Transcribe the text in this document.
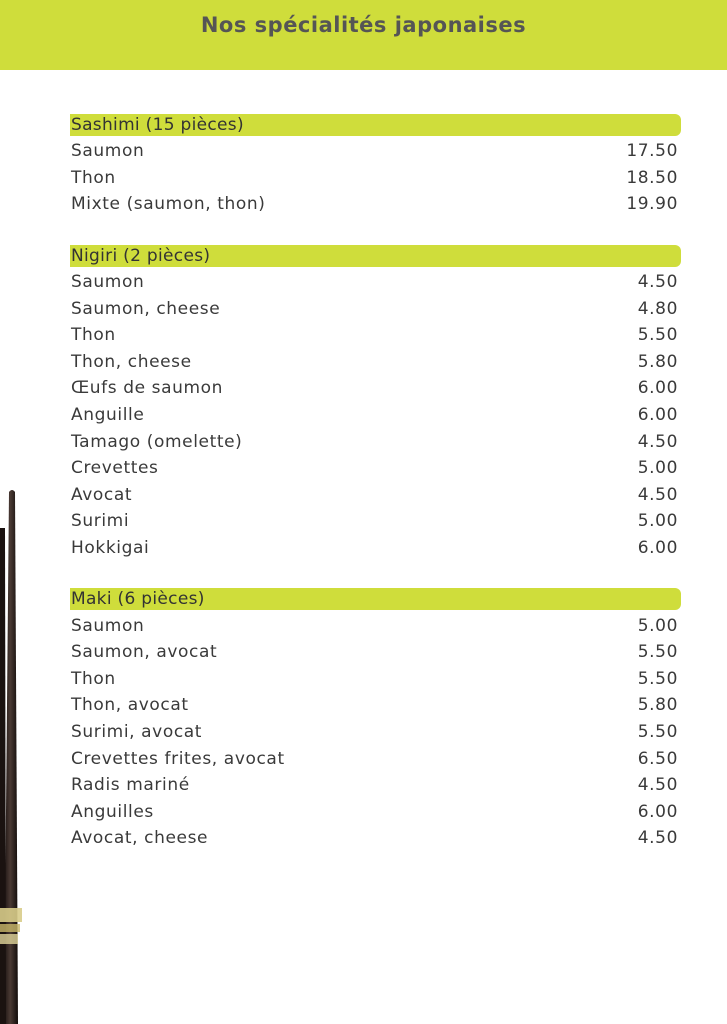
Nos spécialités japonaises
Sashimi (15 pièces)
Saumon	17.50
Thon	18.50
Mixte (saumon, thon)	19.90
Nigiri (2 pièces)
Saumon	4.50
Saumon, cheese	4.80
Thon	5.50
Thon, cheese	5.80
Œufs de saumon	6.00
Anguille	6.00
Tamago (omelette)	4.50
Crevettes	5.00
Avocat	4.50
Surimi	5.00
Hokkigai	6.00
Maki (6 pièces)
Saumon	5.00
Saumon, avocat	5.50
Thon	5.50
Thon, avocat	5.80
Surimi, avocat	5.50
Crevettes frites, avocat	6.50
Radis mariné	4.50
Anguilles	6.00
Avocat, cheese	4.50
